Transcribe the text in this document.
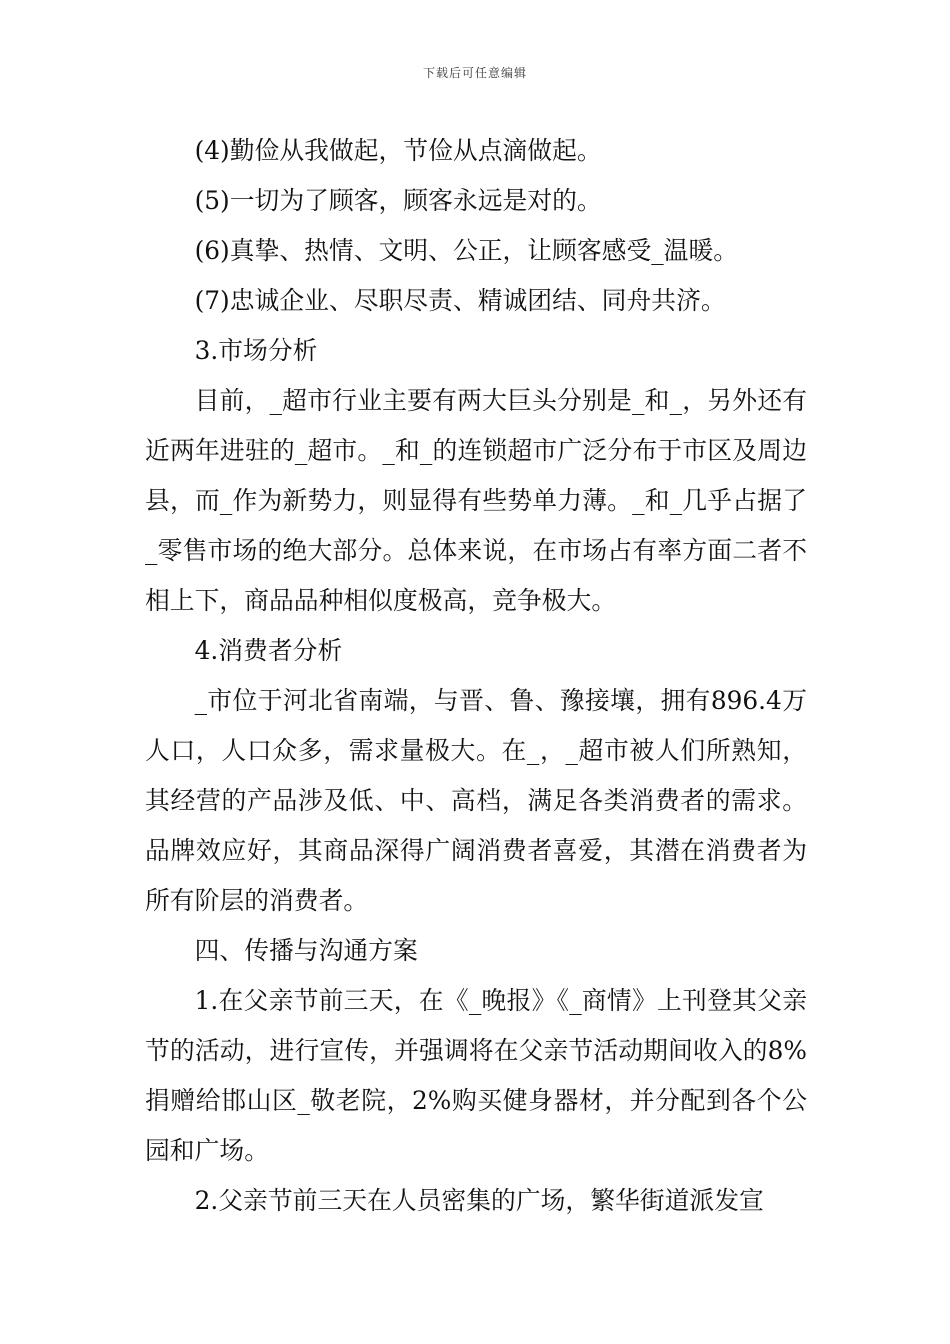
下载后可任意编辑

(4)勤俭从我做起，节俭从点滴做起。

(5)一切为了顾客，顾客永远是对的。

(6)真挚、热情、文明、公正，让顾客感受_温暖。

(7)忠诚企业、尽职尽责、精诚团结、同舟共济。

3.市场分析

目前，_超市行业主要有两大巨头分别是_和_，另外还有近两年进驻的_超市。_和_的连锁超市广泛分布于市区及周边县，而_作为新势力，则显得有些势单力薄。_和_几乎占据了_零售市场的绝大部分。总体来说，在市场占有率方面二者不相上下，商品品种相似度极高，竞争极大。

4.消费者分析

_市位于河北省南端，与晋、鲁、豫接壤，拥有896.4万人口，人口众多，需求量极大。在_，_超市被人们所熟知，其经营的产品涉及低、中、高档，满足各类消费者的需求。品牌效应好，其商品深得广阔消费者喜爱，其潜在消费者为所有阶层的消费者。

四、传播与沟通方案

1.在父亲节前三天，在《_晚报》《_商情》上刊登其父亲节的活动，进行宣传，并强调将在父亲节活动期间收入的8%捐赠给邯山区_敬老院，2%购买健身器材，并分配到各个公园和广场。

2.父亲节前三天在人员密集的广场，繁华街道派发宣
